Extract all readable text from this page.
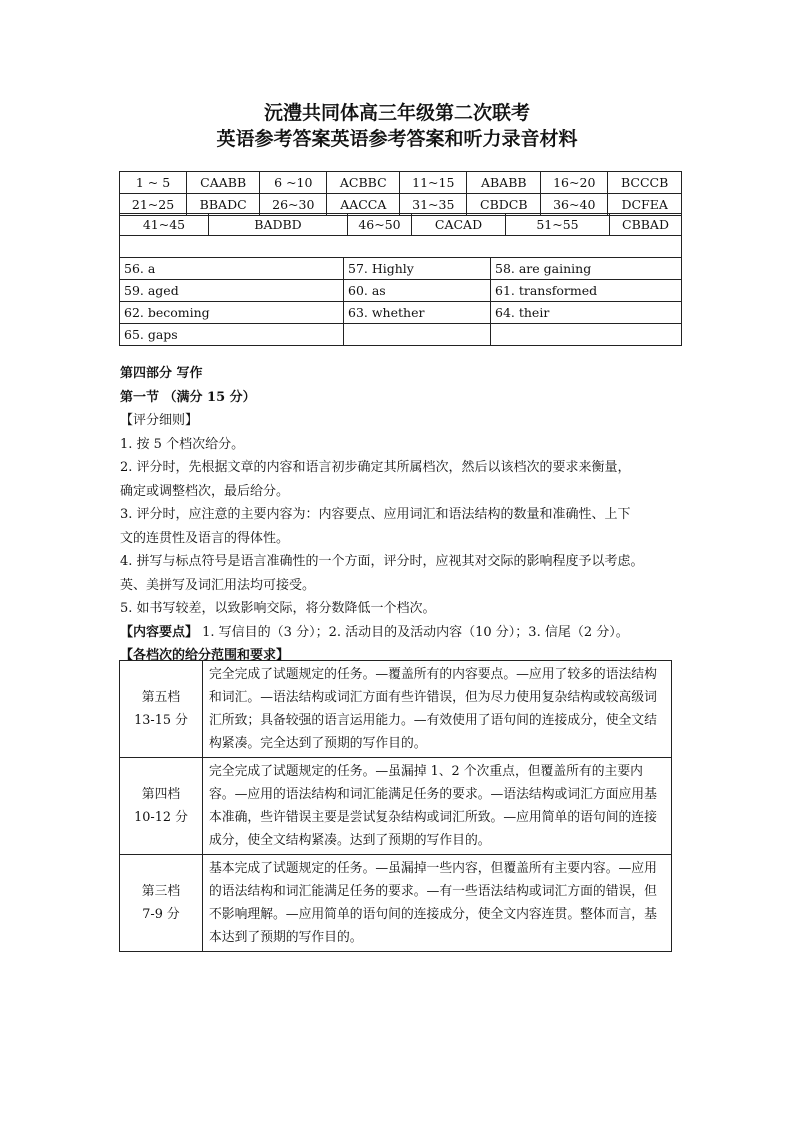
沅澧共同体高三年级第二次联考
英语参考答案英语参考答案和听力录音材料
1 ~ 5	CAABB	6 ~10	ACBBC	11~15	ABABB	16~20	BCCCB
21~25	BBADC	26~30	AACCA	31~35	CBDCB	36~40	DCFEA
41~45	BADBD	46~50	CACAD	51~55	CBBAD

56. a	57. Highly	58. are gaining
59. aged	60. as	61. transformed
62. becoming	63. whether	64. their
65. gaps		
第四部分 写作
第一节 （满分 15 分）
【评分细则】
1. 按 5 个档次给分。
2. 评分时，先根据文章的内容和语言初步确定其所属档次，然后以该档次的要求来衡量，
确定或调整档次，最后给分。
3. 评分时，应注意的主要内容为：内容要点、应用词汇和语法结构的数量和准确性、上下
文的连贯性及语言的得体性。
4. 拼写与标点符号是语言准确性的一个方面，评分时，应视其对交际的影响程度予以考虑。
英、美拼写及词汇用法均可接受。
5. 如书写较差，以致影响交际，将分数降低一个档次。
【内容要点】 1. 写信目的（3 分）；2. 活动目的及活动内容（10 分）；3. 信尾（2 分）。
【各档次的给分范围和要求】
第五档
13-15 分	完全完成了试题规定的任务。—覆盖所有的内容要点。—应用了较多的语法结构和词汇。—语法结构或词汇方面有些许错误，但为尽力使用复杂结构或较高级词汇所致；具备较强的语言运用能力。—有效使用了语句间的连接成分，使全文结构紧凑。完全达到了预期的写作目的。

第四档
10-12 分	完全完成了试题规定的任务。—虽漏掉 1、2 个次重点，但覆盖所有的主要内容。—应用的语法结构和词汇能满足任务的要求。—语法结构或词汇方面应用基本准确，些许错误主要是尝试复杂结构或词汇所致。—应用简单的语句间的连接成分，使全文结构紧凑。达到了预期的写作目的。

第三档
7-9 分	基本完成了试题规定的任务。—虽漏掉一些内容，但覆盖所有主要内容。—应用的语法结构和词汇能满足任务的要求。—有一些语法结构或词汇方面的错误，但不影响理解。—应用简单的语句间的连接成分，使全文内容连贯。整体而言，基本达到了预期的写作目的。
